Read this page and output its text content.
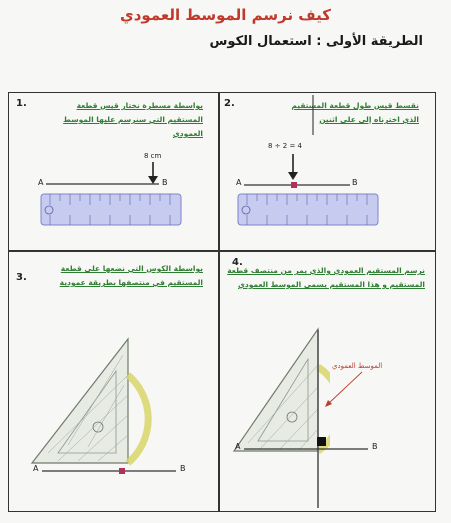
كيف نرسم الموسط العمودي
الطريقة الأولى : استعمال الكوس
1.	بواسطة مسطرة نختار قيس قطعة
المستقيم التي سنرسم عليها الموسط العمودي
8 cm
A	B
2.	نقسط قيس طول قطعة المستقيم
الذي اخترناه إلى على اثنين
8 ÷ 2 = 4
A	B
3.
بواسطة الكوس التي نضعها على قطعة
المستقيم في منتصفها بطريقة عمودية
A	B
4.
نرسم المستقيم العمودي والذي يمر من منتصف قطعة
المستقيم و هذا المستقيم يسمى الموسط العمودي
الموسط العمودي
A	B
